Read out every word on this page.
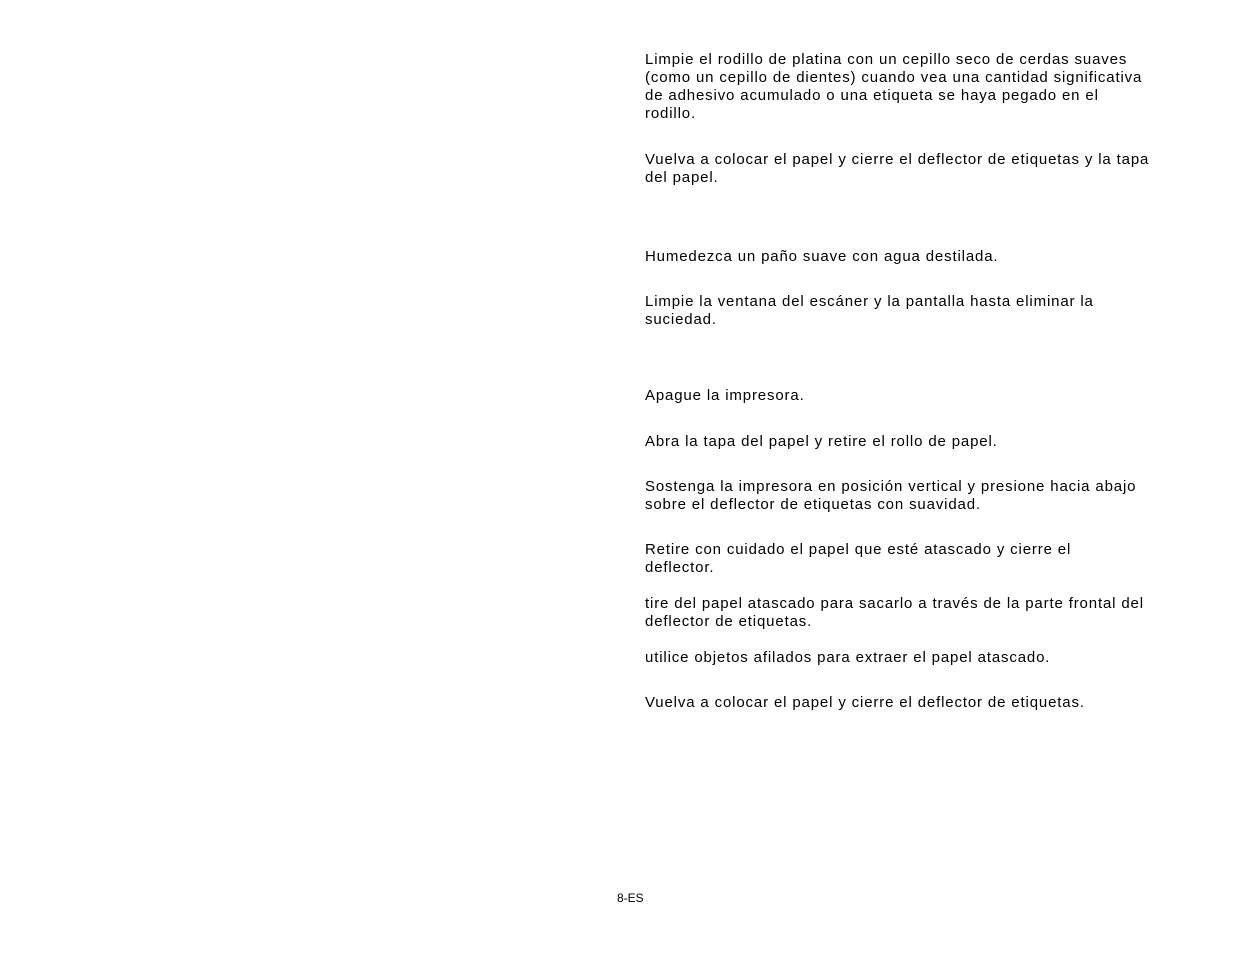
Limpie el rodillo de platina con un cepillo seco de cerdas suaves (como un cepillo de dientes) cuando vea una cantidad significativa de adhesivo acumulado o una etiqueta se haya pegado en el rodillo.

Vuelva a colocar el papel y cierre el deflector de etiquetas y la tapa del papel.

Humedezca un paño suave con agua destilada.

Limpie la ventana del escáner y la pantalla hasta eliminar la suciedad.

Apague la impresora.

Abra la tapa del papel y retire el rollo de papel.

Sostenga la impresora en posición vertical y presione hacia abajo sobre el deflector de etiquetas con suavidad.

Retire con cuidado el papel que esté atascado y cierre el deflector.

tire del papel atascado para sacarlo a través de la parte frontal del deflector de etiquetas.

utilice objetos afilados para extraer el papel atascado.

Vuelva a colocar el papel y cierre el deflector de etiquetas.

8-ES
